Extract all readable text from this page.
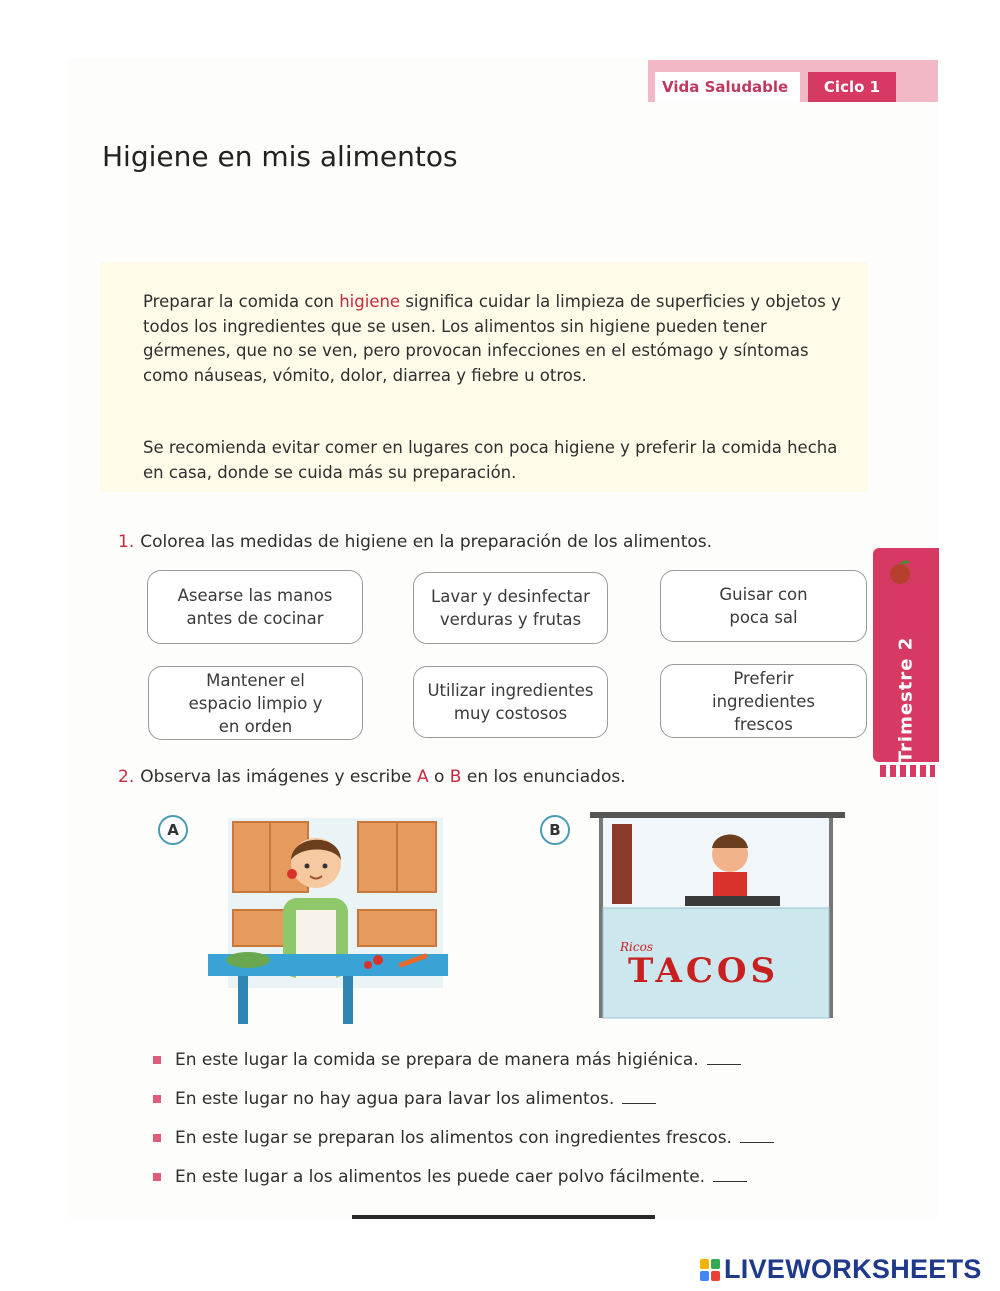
Vida Saludable	Ciclo 1
Higiene en mis alimentos

Preparar la comida con higiene significa cuidar la limpieza de superficies y objetos y todos los ingredientes que se usen. Los alimentos sin higiene pueden tener gérmenes, que no se ven, pero provocan infecciones en el estómago y síntomas como náuseas, vómito, dolor, diarrea y fiebre u otros.

Se recomienda evitar comer en lugares con poca higiene y preferir la comida hecha en casa, donde se cuida más su preparación.

1. Colorea las medidas de higiene en la preparación de los alimentos.
Asearse las manos antes de cocinar
Lavar y desinfectar verduras y frutas
Guisar con poca sal
Mantener el espacio limpio y en orden
Utilizar ingredientes muy costosos
Preferir ingredientes frescos	Trimestre 2
2. Observa las imágenes y escribe A o B en los enunciados.
A	B
Ricos
TACOS
En este lugar la comida se prepara de manera más higiénica.
En este lugar no hay agua para lavar los alimentos.
En este lugar se preparan los alimentos con ingredientes frescos.
En este lugar a los alimentos les puede caer polvo fácilmente.
LIVEWORKSHEETS
